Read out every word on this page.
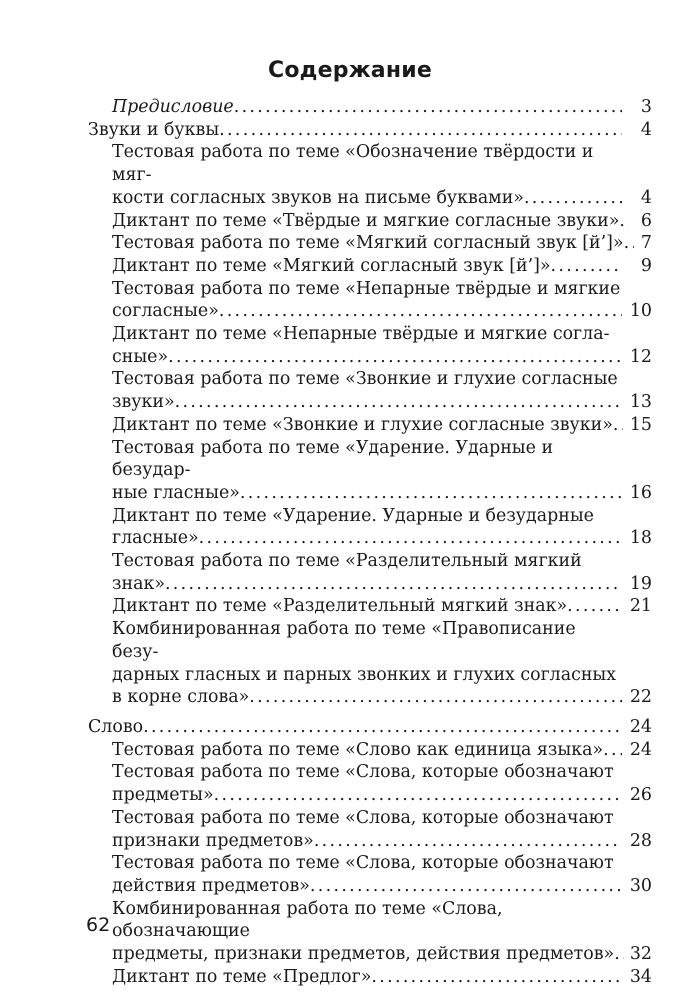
Содержание
Предисловие . . .	3
Звуки и буквы . . .	4
Тестовая работа по теме «Обозначение твёрдости и мяг-
кости согласных звуков на письме буквами» . . .	4
Диктант по теме «Твёрдые и мягкие согласные звуки» . . .	6
Тестовая работа по теме «Мягкий согласный звук [й’]» . . . 7
Диктант по теме «Мягкий согласный звук [й’]» . . .	9
Тестовая работа по теме «Непарные твёрдые и мягкие
согласные» . . .	10
Диктант по теме «Непарные твёрдые и мягкие согла-
сные» . . .	12
Тестовая работа по теме «Звонкие и глухие согласные
звуки» . . .	13
Диктант по теме «Звонкие и глухие согласные звуки» . . . 15
Тестовая работа по теме «Ударение. Ударные и безудар-
ные гласные» . . .	16
Диктант по теме «Ударение. Ударные и безударные
гласные» . . .	18
Тестовая работа по теме «Разделительный мягкий
знак» . . .	19
Диктант по теме «Разделительный мягкий знак» . . .	21
Комбинированная работа по теме «Правописание безу-
дарных гласных и парных звонких и глухих согласных
в корне слова» . . .	22
Слово . . .	24
Тестовая работа по теме «Слово как единица языка» . . .	24
Тестовая работа по теме «Слова, которые обозначают
предметы» . . .	26
Тестовая работа по теме «Слова, которые обозначают
признаки предметов» . . .	28
Тестовая работа по теме «Слова, которые обозначают
действия предметов» . . .	30
Комбинированная работа по теме «Слова, обозначающие
предметы, признаки предметов, действия предметов» . . . 32
Диктант по теме «Предлог» . . .	34

62
